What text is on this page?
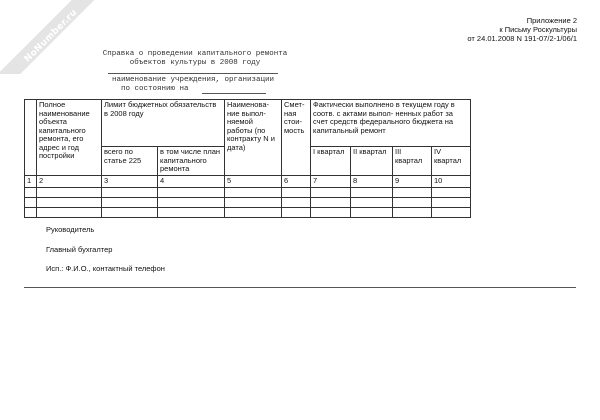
NoNumber.ru	Приложение 2
к Письму Роскультуры
от 24.01.2008 N 191-07/2-1/06/1
Справка о проведении капитального ремонта
объектов культуры в 2008 году
наименование учреждения, организации
по состоянию на
	Полное наименование объекта капитального ремонта, его адрес и год постройки	Лимит бюджетных обязательств в 2008 году		Наименова- ние выпол- няемой работы (по контракту N и дата)	Смет- ная стои- мость	Фактически выполнено в текущем году в соотв. с актами выпол- ненных работ за счет средств федерального бюджета на капитальный ремонт			
		всего по статье 225	в том числе план капитального ремонта			I квартал	II квартал	III квартал	IV квартал
1	2	3	4	5	6	7	8	9	10

Руководитель
Главный бухгалтер
Исп.: Ф.И.О., контактный телефон
